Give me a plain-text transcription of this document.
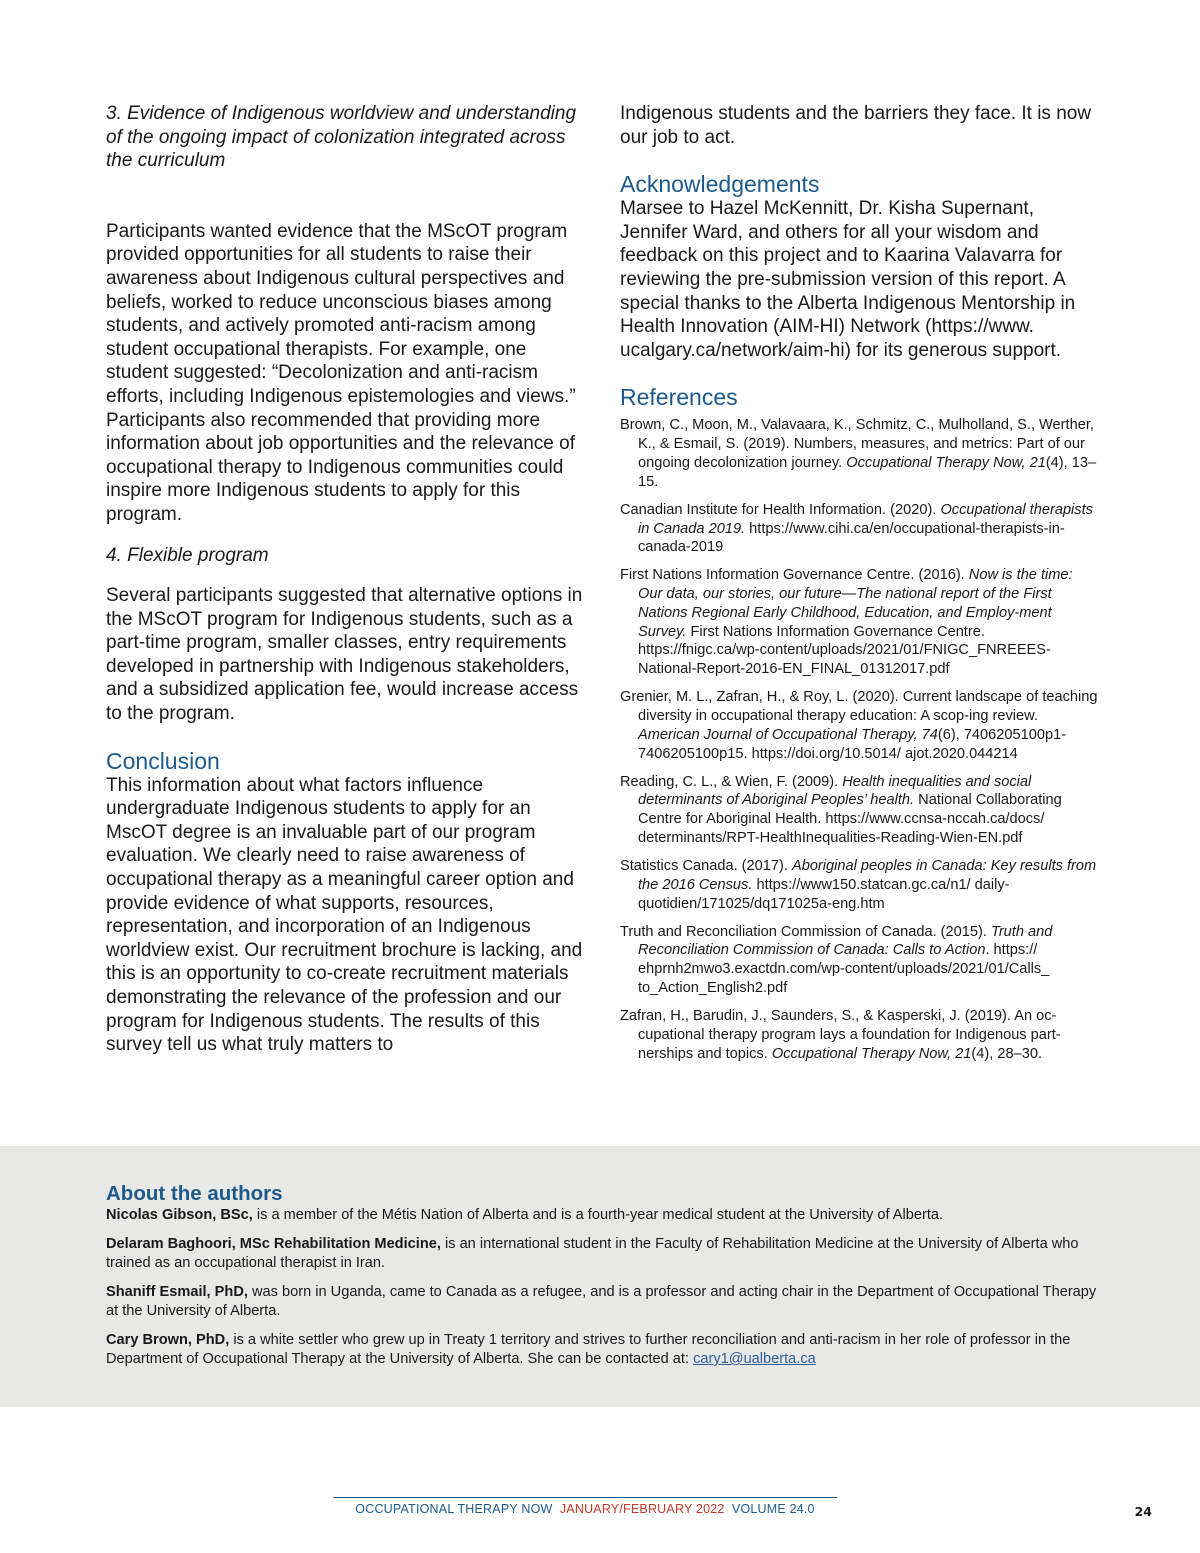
3. Evidence of Indigenous worldview and understanding of the ongoing impact of colonization integrated across the curriculum

Participants wanted evidence that the MScOT program provided opportunities for all students to raise their awareness about Indigenous cultural perspectives and beliefs, worked to reduce unconscious biases among students, and actively promoted anti-racism among student occupational therapists. For example, one student suggested: “Decolonization and anti-racism efforts, including Indigenous epistemologies and views.” Participants also recommended that providing more information about job opportunities and the relevance of occupational therapy to Indigenous communities could inspire more Indigenous students to apply for this program.

4. Flexible program

Several participants suggested that alternative options in the MScOT program for Indigenous students, such as a part-time program, smaller classes, entry requirements developed in partnership with Indigenous stakeholders, and a subsidized application fee, would increase access to the program.

Conclusion

This information about what factors influence undergraduate Indigenous students to apply for an MscOT degree is an invaluable part of our program evaluation. We clearly need to raise awareness of occupational therapy as a meaningful career option and provide evidence of what supports, resources, representation, and incorporation of an Indigenous worldview exist. Our recruitment brochure is lacking, and this is an opportunity to co-create recruitment materials demonstrating the relevance of the profession and our program for Indigenous students. The results of this survey tell us what truly matters to

Indigenous students and the barriers they face. It is now our job to act.

Acknowledgements

Marsee to Hazel McKennitt, Dr. Kisha Supernant, Jennifer Ward, and others for all your wisdom and feedback on this project and to Kaarina Valavarra for reviewing the pre-submission version of this report. A special thanks to the Alberta Indigenous Mentorship in Health Innovation (AIM-HI) Network (https://www. ucalgary.ca/network/aim-hi) for its generous support.

References

Brown, C., Moon, M., Valavaara, K., Schmitz, C., Mulholland, S., Werther, K., & Esmail, S. (2019). Numbers, measures, and metrics: Part of our ongoing decolonization journey. Occupational Therapy Now, 21(4), 13–15.

Canadian Institute for Health Information. (2020). Occupational therapists in Canada 2019. https://www.cihi.ca/en/occupational-therapists-in-canada-2019

First Nations Information Governance Centre. (2016). Now is the time: Our data, our stories, our future—The national report of the First Nations Regional Early Childhood, Education, and Employ-ment Survey. First Nations Information Governance Centre. https://fnigc.ca/wp-content/uploads/2021/01/FNIGC_FNREEES-National-Report-2016-EN_FINAL_01312017.pdf

Grenier, M. L., Zafran, H., & Roy, L. (2020). Current landscape of teaching diversity in occupational therapy education: A scop-ing review. American Journal of Occupational Therapy, 74(6), 7406205100p1-7406205100p15. https://doi.org/10.5014/ ajot.2020.044214

Reading, C. L., & Wien, F. (2009). Health inequalities and social determinants of Aboriginal Peoples’ health. National Collaborating Centre for Aboriginal Health. https://www.ccnsa-nccah.ca/docs/ determinants/RPT-HealthInequalities-Reading-Wien-EN.pdf

Statistics Canada. (2017). Aboriginal peoples in Canada: Key results from the 2016 Census. https://www150.statcan.gc.ca/n1/ daily-quotidien/171025/dq171025a-eng.htm

Truth and Reconciliation Commission of Canada. (2015). Truth and Reconciliation Commission of Canada: Calls to Action. https:// ehprnh2mwo3.exactdn.com/wp-content/uploads/2021/01/Calls_ to_Action_English2.pdf

Zafran, H., Barudin, J., Saunders, S., & Kasperski, J. (2019). An oc-cupational therapy program lays a foundation for Indigenous part-nerships and topics. Occupational Therapy Now, 21(4), 28–30.

About the authors

Nicolas Gibson, BSc, is a member of the Métis Nation of Alberta and is a fourth-year medical student at the University of Alberta.

Delaram Baghoori, MSc Rehabilitation Medicine, is an international student in the Faculty of Rehabilitation Medicine at the University of Alberta who trained as an occupational therapist in Iran.

Shaniff Esmail, PhD, was born in Uganda, came to Canada as a refugee, and is a professor and acting chair in the Department of Occupational Therapy at the University of Alberta.

Cary Brown, PhD, is a white settler who grew up in Treaty 1 territory and strives to further reconciliation and anti-racism in her role of professor in the Department of Occupational Therapy at the University of Alberta. She can be contacted at: cary1@ualberta.ca

OCCUPATIONAL THERAPY NOW JANUARY/FEBRUARY 2022 VOLUME 24.0	24
